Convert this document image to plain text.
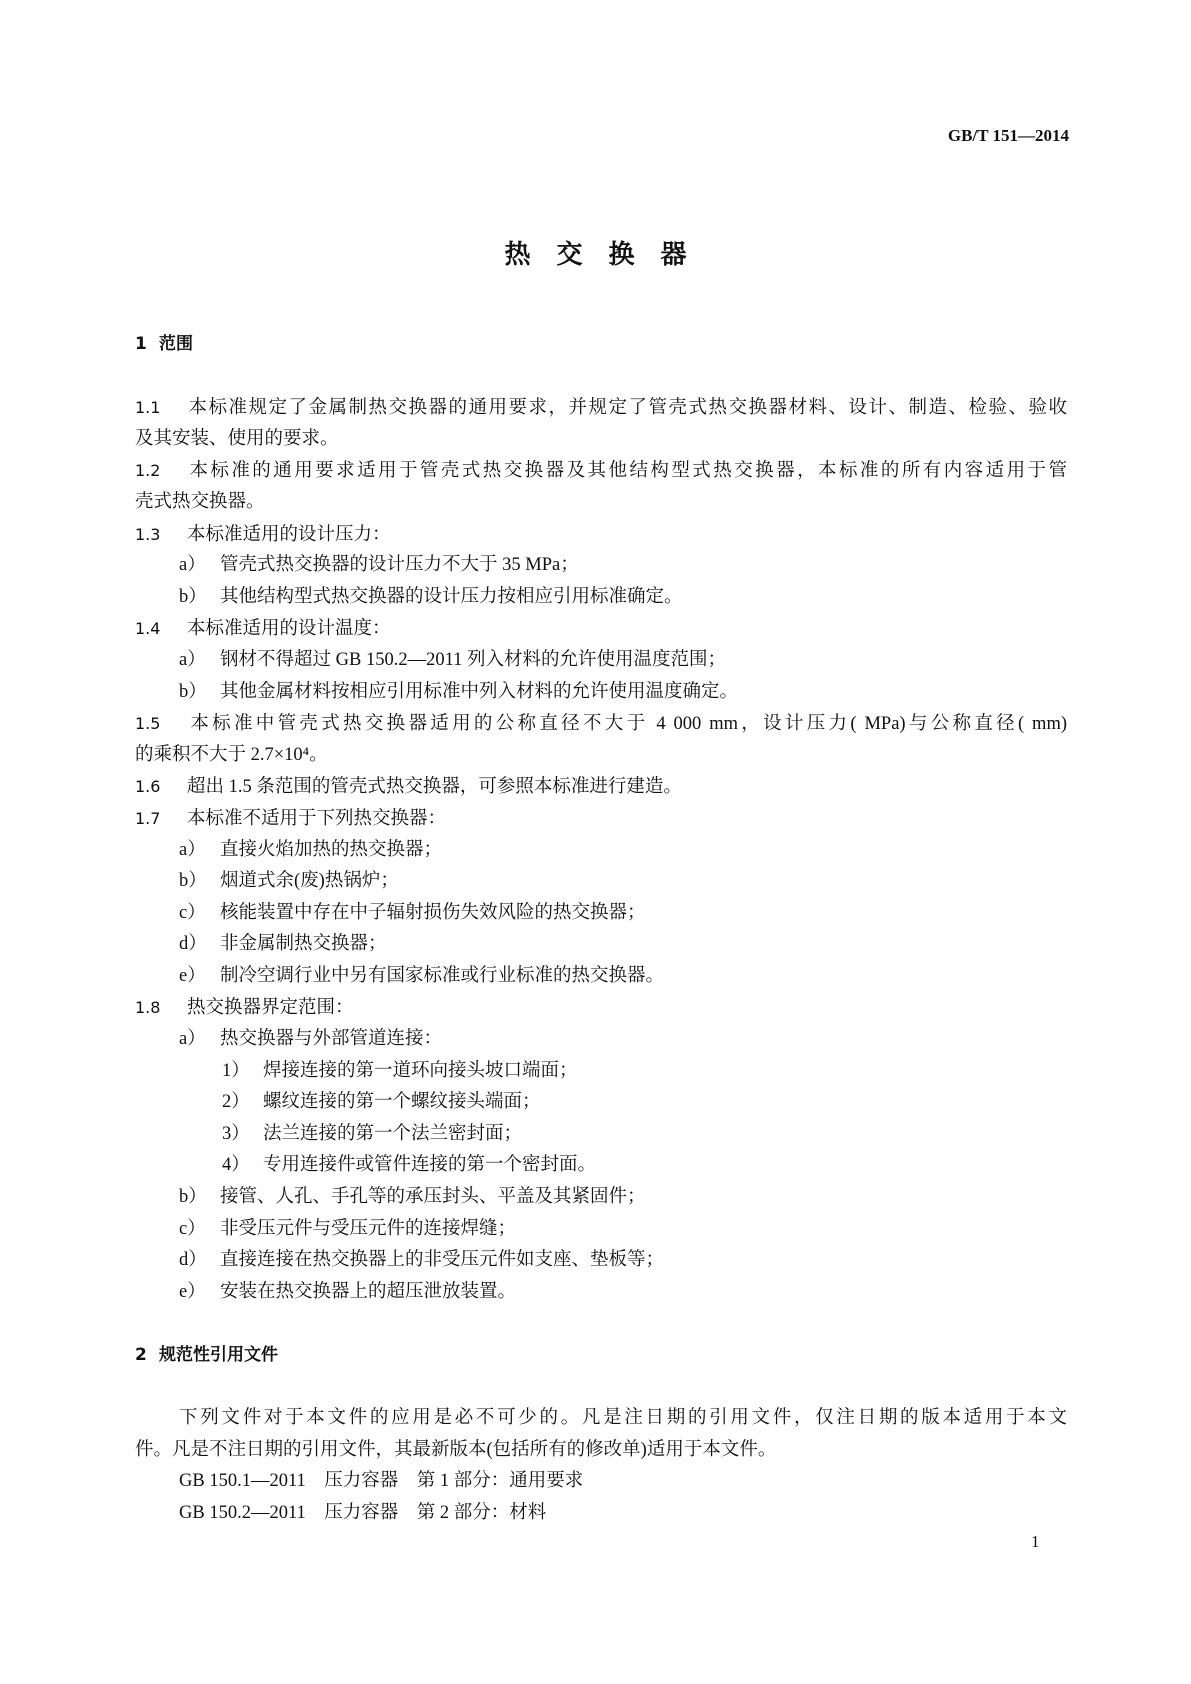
GB/T 151—2014
热交换器
1 范围
1.1 本标准规定了金属制热交换器的通用要求，并规定了管壳式热交换器材料、设计、制造、检验、验收
及其安装、使用的要求。
1.2 本标准的通用要求适用于管壳式热交换器及其他结构型式热交换器，本标准的所有内容适用于管
壳式热交换器。
1.3 本标准适用的设计压力：
a） 管壳式热交换器的设计压力不大于 35 MPa；
b） 其他结构型式热交换器的设计压力按相应引用标准确定。
1.4 本标准适用的设计温度：
a） 钢材不得超过 GB 150.2—2011 列入材料的允许使用温度范围；
b） 其他金属材料按相应引用标准中列入材料的允许使用温度确定。
1.5 本标准中管壳式热交换器适用的公称直径不大于 4 000 mm，设计压力( MPa)与公称直径( mm)
的乘积不大于 2.7×10⁴。
1.6 超出 1.5 条范围的管壳式热交换器，可参照本标准进行建造。
1.7 本标准不适用于下列热交换器：
a） 直接火焰加热的热交换器；
b） 烟道式余(废)热锅炉；
c） 核能装置中存在中子辐射损伤失效风险的热交换器；
d） 非金属制热交换器；
e） 制冷空调行业中另有国家标准或行业标准的热交换器。
1.8 热交换器界定范围：
a） 热交换器与外部管道连接：
1） 焊接连接的第一道环向接头坡口端面；
2） 螺纹连接的第一个螺纹接头端面；
3） 法兰连接的第一个法兰密封面；
4） 专用连接件或管件连接的第一个密封面。
b） 接管、人孔、手孔等的承压封头、平盖及其紧固件；
c） 非受压元件与受压元件的连接焊缝；
d） 直接连接在热交换器上的非受压元件如支座、垫板等；
e） 安装在热交换器上的超压泄放装置。
2 规范性引用文件
下列文件对于本文件的应用是必不可少的。凡是注日期的引用文件，仅注日期的版本适用于本文
件。凡是不注日期的引用文件，其最新版本(包括所有的修改单)适用于本文件。
GB 150.1—2011　压力容器　第 1 部分：通用要求
GB 150.2—2011　压力容器　第 2 部分：材料
1
